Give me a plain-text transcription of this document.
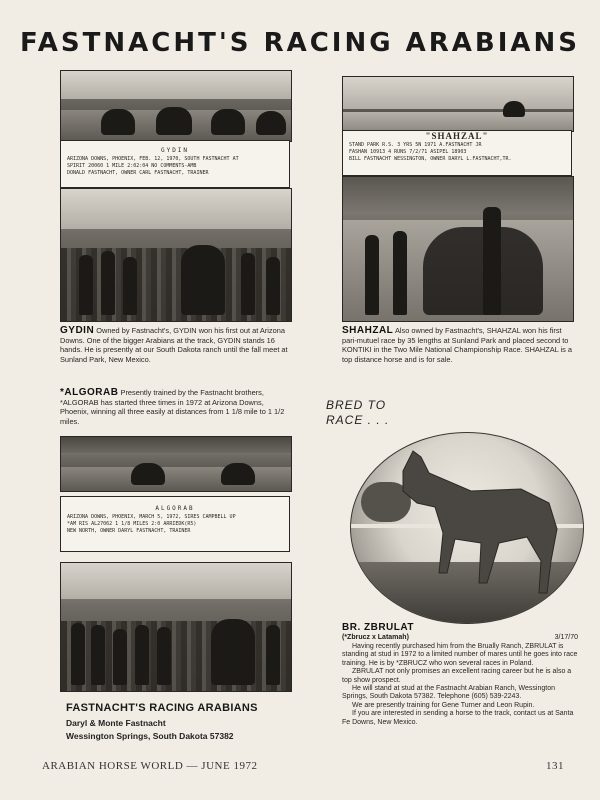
FASTNACHT'S RACING ARABIANS
GYDIN
ARIZONA DOWNS, PHOENIX, FEB. 12, 1970, SOUTH FASTNACHT AT
SPIRIT 20060 1 MILE 2:02:04 NO COMMENTS-AMB
DONALD FASTNACHT, OWNER CARL FASTNACHT, TRAINER
GYDIN Owned by Fastnacht's, GYDIN won his first out at Arizona Downs. One of the bigger Arabians at the track, GYDIN stands 16 hands. He is presently at our South Dakota ranch until the fall meet at Sunland Park, New Mexico.
*ALGORAB Presently trained by the Fastnacht brothers, *ALGORAB has started three times in 1972 at Arizona Downs, Phoenix, winning all three easily at distances from 1 1/8 mile to 1 1/2 miles.
ALGORAB
ARIZONA DOWNS, PHOENIX, MARCH 5, 1972, SIRES CAMPBELL UP
*AM RIS AL27062 1 1/8 MILES 2:0 ARRIEDK(R5)
NEW NORTH, OWNER DARYL FASTNACHT, TRAINER
FASTNACHT'S RACING ARABIANS
Daryl & Monte Fastnacht
Wessington Springs, South Dakota 57382
"SHAHZAL"
STAND PARK R.S. 3 YRS 5N 1971 A.FASTNACHT JR
FASHAN 10913 4 RUNS 7/2/71 ASIPEL 18903
BILL FASTNACHT WESSINGTON, OWNER DARYL L.FASTNACHT,TR.
SHAHZAL Also owned by Fastnacht's, SHAHZAL won his first pari-mutuel race by 35 lengths at Sunland Park and placed second to KONTIKI in the Two Mile National Championship Race. SHAHZAL is a top distance horse and is for sale.
BRED TO
RACE . . .
BR. ZBRULAT
(*Zbrucz x Latamah)	3/17/70
Having recently purchased him from the Brually Ranch, ZBRULAT is standing at stud in 1972 to a limited number of mares until he goes into race training. He is by *ZBRUCZ who won several races in Poland.
ZBRULAT not only promises an excellent racing career but he is also a top show prospect.
He will stand at stud at the Fastnacht Arabian Ranch, Wessington Springs, South Dakota 57382. Telephone (605) 539-2243.
We are presently training for Gene Turner and Leon Rupin.
If you are interested in sending a horse to the track, contact us at Santa Fe Downs, New Mexico.
ARABIAN HORSE WORLD — JUNE 1972	131
